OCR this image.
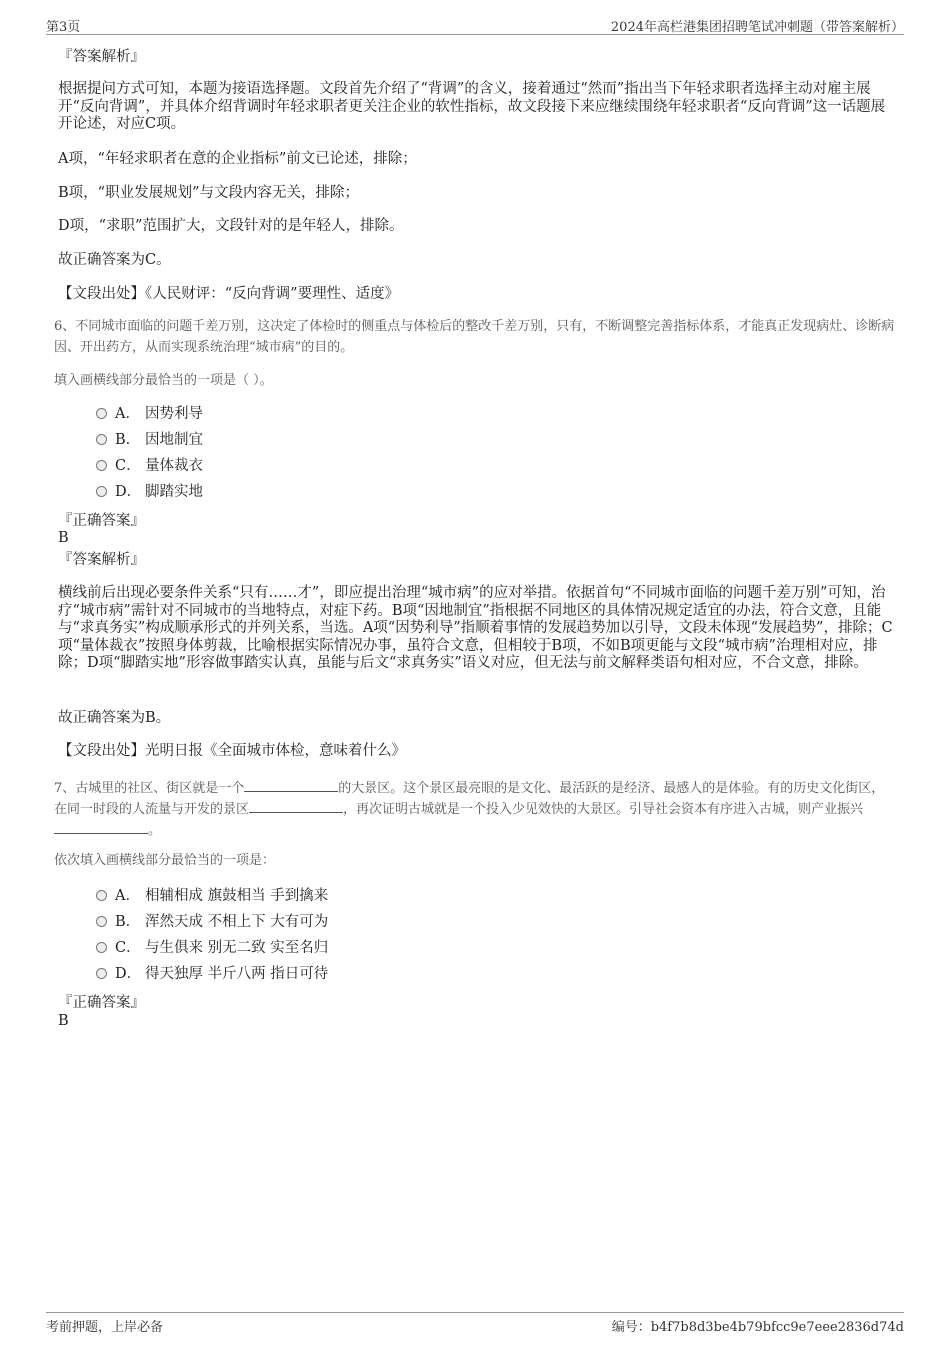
第3页	2024年高栏港集团招聘笔试冲刺题（带答案解析）
『答案解析』

根据提问方式可知，本题为接语选择题。文段首先介绍了“背调”的含义，接着通过“然而”指出当下年轻求职者选择主动对雇主展开“反向背调”，并具体介绍背调时年轻求职者更关注企业的软性指标，故文段接下来应继续围绕年轻求职者“反向背调”这一话题展开论述，对应C项。

A项，“年轻求职者在意的企业指标”前文已论述，排除；
B项，“职业发展规划”与文段内容无关，排除；
D项，“求职”范围扩大，文段针对的是年轻人，排除。
故正确答案为C。
【文段出处】《人民财评：“反向背调”要理性、适度》

6、不同城市面临的问题千差万别，这决定了体检时的侧重点与体检后的整改千差万别，只有，不断调整完善指标体系，才能真正发现病灶、诊断病因、开出药方，从而实现系统治理“城市病”的目的。

填入画横线部分最恰当的一项是（ ）。
A． 因势利导
B． 因地制宜
C． 量体裁衣
D． 脚踏实地
『正确答案』
B
『答案解析』

横线前后出现必要条件关系“只有……才”，即应提出治理“城市病”的应对举措。依据首句“不同城市面临的问题千差万别”可知，治疗“城市病”需针对不同城市的当地特点，对症下药。B项“因地制宜”指根据不同地区的具体情况规定适宜的办法，符合文意，且能与“求真务实”构成顺承形式的并列关系，当选。A项“因势利导”指顺着事情的发展趋势加以引导，文段未体现“发展趋势”，排除；C项“量体裁衣”按照身体剪裁，比喻根据实际情况办事，虽符合文意，但相较于B项，不如B项更能与文段“城市病”治理相对应，排除；D项“脚踏实地”形容做事踏实认真，虽能与后文“求真务实”语义对应，但无法与前文解释类语句相对应，不合文意，排除。

故正确答案为B。
【文段出处】光明日报《全面城市体检，意味着什么》

7、古城里的社区、街区就是一个	的大景区。这个景区最亮眼的是文化、最活跃的是经济、最感人的是体验。有的历史文化街区，在同一时段的人流量与开发的景区	，再次证明古城就是一个投入少见效快的大景区。引导社会资本有序进入古城，则产业振兴。

依次填入画横线部分最恰当的一项是：
A． 相辅相成 旗鼓相当 手到擒来
B． 浑然天成 不相上下 大有可为
C． 与生俱来 别无二致 实至名归
D． 得天独厚 半斤八两 指日可待
『正确答案』
B
考前押题，上岸必备	编号：b4f7b8d3be4b79bfcc9e7eee2836d74d
